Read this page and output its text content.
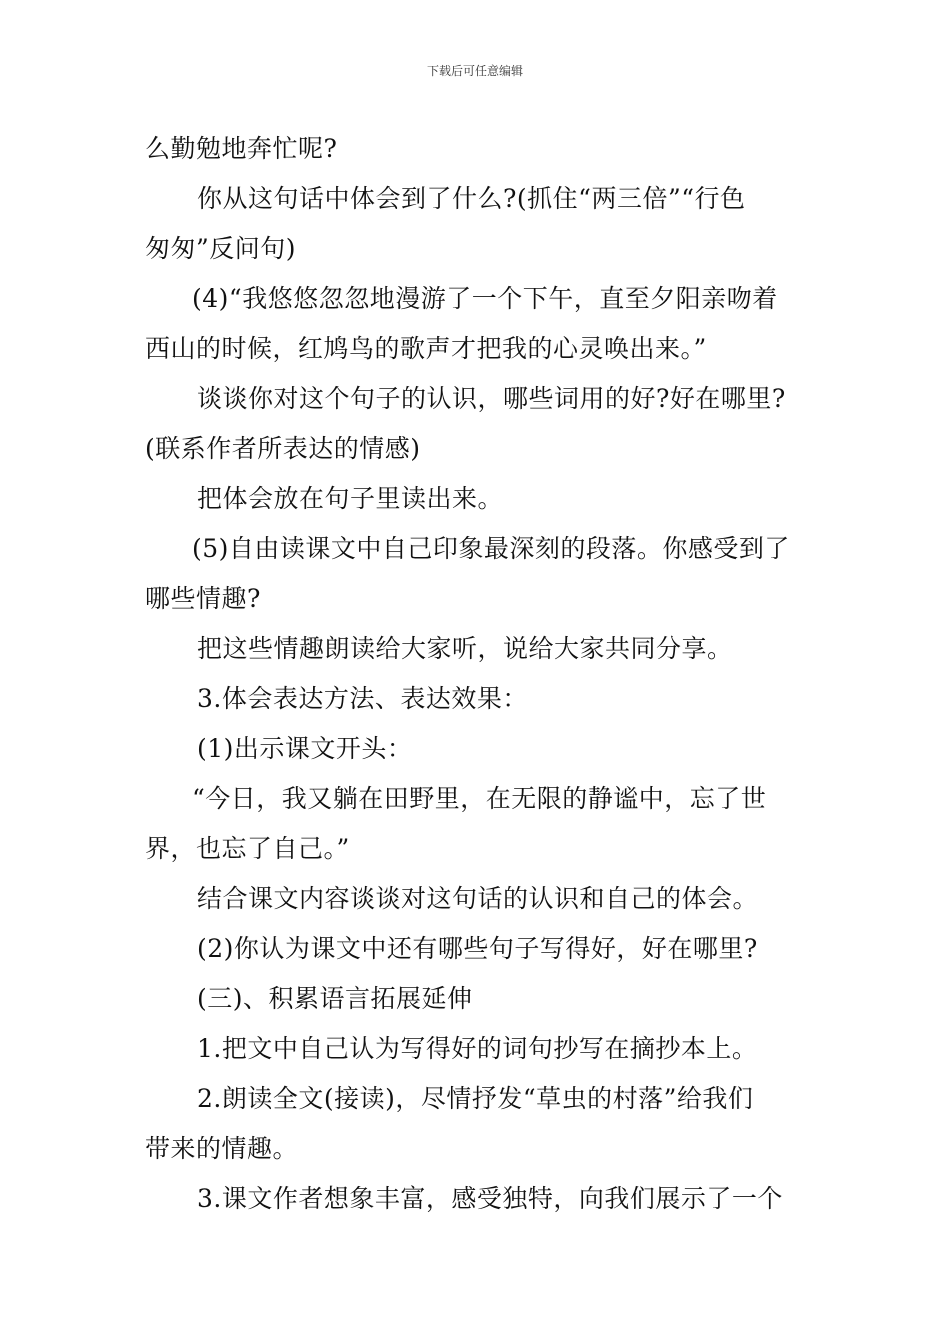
下载后可任意编辑

么勤勉地奔忙呢?

你从这句话中体会到了什么?(抓住“两三倍”“行色

匆匆”反问句)

(4)“我悠悠忽忽地漫游了一个下午，直至夕阳亲吻着

西山的时候，红鸠鸟的歌声才把我的心灵唤出来。”

谈谈你对这个句子的认识，哪些词用的好?好在哪里?

(联系作者所表达的情感)

把体会放在句子里读出来。

(5)自由读课文中自己印象最深刻的段落。你感受到了

哪些情趣?

把这些情趣朗读给大家听，说给大家共同分享。

3.体会表达方法、表达效果：

(1)出示课文开头：

“今日，我又躺在田野里，在无限的静谧中，忘了世

界，也忘了自己。”

结合课文内容谈谈对这句话的认识和自己的体会。

(2)你认为课文中还有哪些句子写得好，好在哪里?

(三)、积累语言拓展延伸

1.把文中自己认为写得好的词句抄写在摘抄本上。

2.朗读全文(接读)，尽情抒发“草虫的村落”给我们

带来的情趣。

3.课文作者想象丰富，感受独特，向我们展示了一个
